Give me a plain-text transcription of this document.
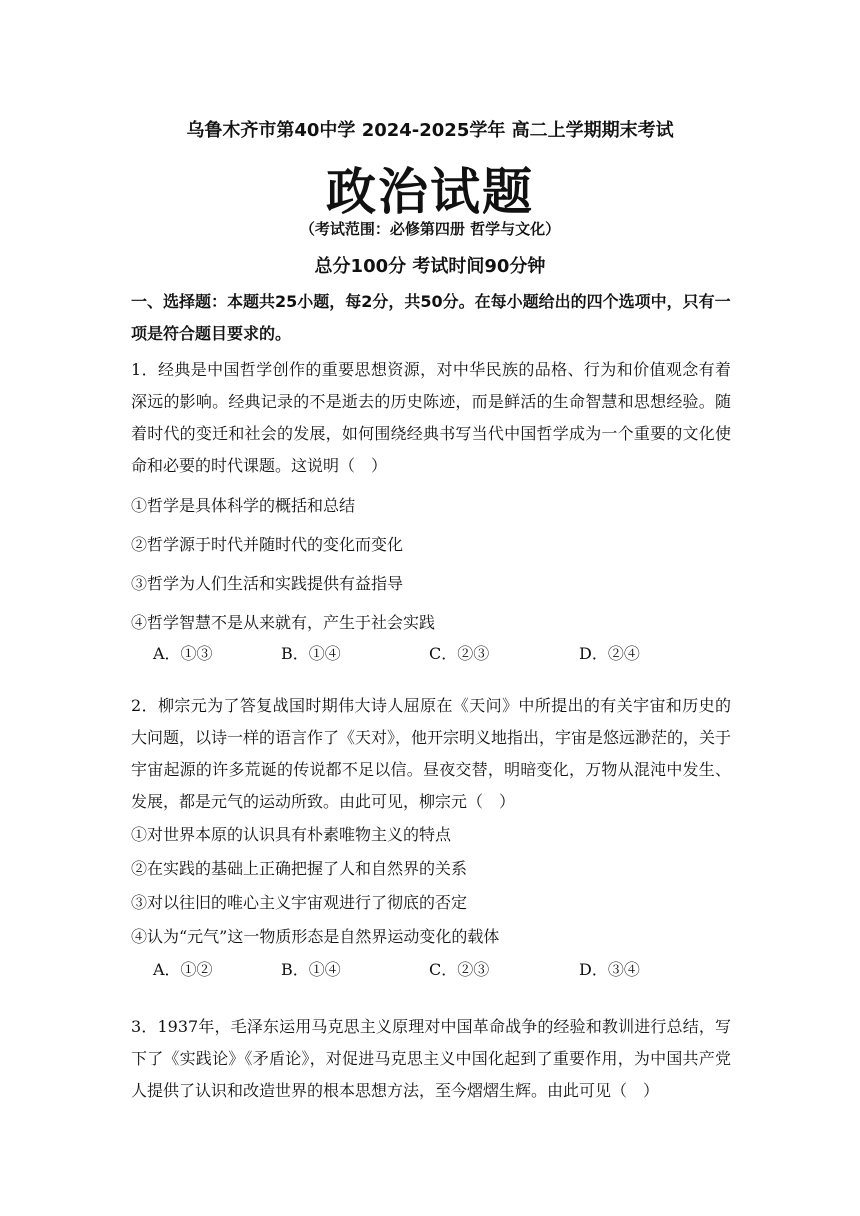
乌鲁木齐市第40中学 2024-2025学年 高二上学期期末考试
政治试题
（考试范围：必修第四册 哲学与文化）
总分100分 考试时间90分钟
一、选择题：本题共25小题，每2分，共50分。在每小题给出的四个选项中，只有一项是符合题目要求的。
1．经典是中国哲学创作的重要思想资源，对中华民族的品格、行为和价值观念有着深远的影响。经典记录的不是逝去的历史陈迹，而是鲜活的生命智慧和思想经验。随着时代的变迁和社会的发展，如何围绕经典书写当代中国哲学成为一个重要的文化使命和必要的时代课题。这说明（　）
①哲学是具体科学的概括和总结
②哲学源于时代并随时代的变化而变化
③哲学为人们生活和实践提供有益指导
④哲学智慧不是从来就有，产生于社会实践
A．①③	B．①④	C．②③	D．②④
2．柳宗元为了答复战国时期伟大诗人屈原在《天问》中所提出的有关宇宙和历史的大问题，以诗一样的语言作了《天对》，他开宗明义地指出，宇宙是悠远渺茫的，关于宇宙起源的许多荒诞的传说都不足以信。昼夜交替，明暗变化，万物从混沌中发生、发展，都是元气的运动所致。由此可见，柳宗元（　）
①对世界本原的认识具有朴素唯物主义的特点
②在实践的基础上正确把握了人和自然界的关系
③对以往旧的唯心主义宇宙观进行了彻底的否定
④认为“元气”这一物质形态是自然界运动变化的载体
A．①②	B．①④	C．②③	D．③④
3．1937年，毛泽东运用马克思主义原理对中国革命战争的经验和教训进行总结，写下了《实践论》《矛盾论》，对促进马克思主义中国化起到了重要作用，为中国共产党人提供了认识和改造世界的根本思想方法，至今熠熠生辉。由此可见（　）
